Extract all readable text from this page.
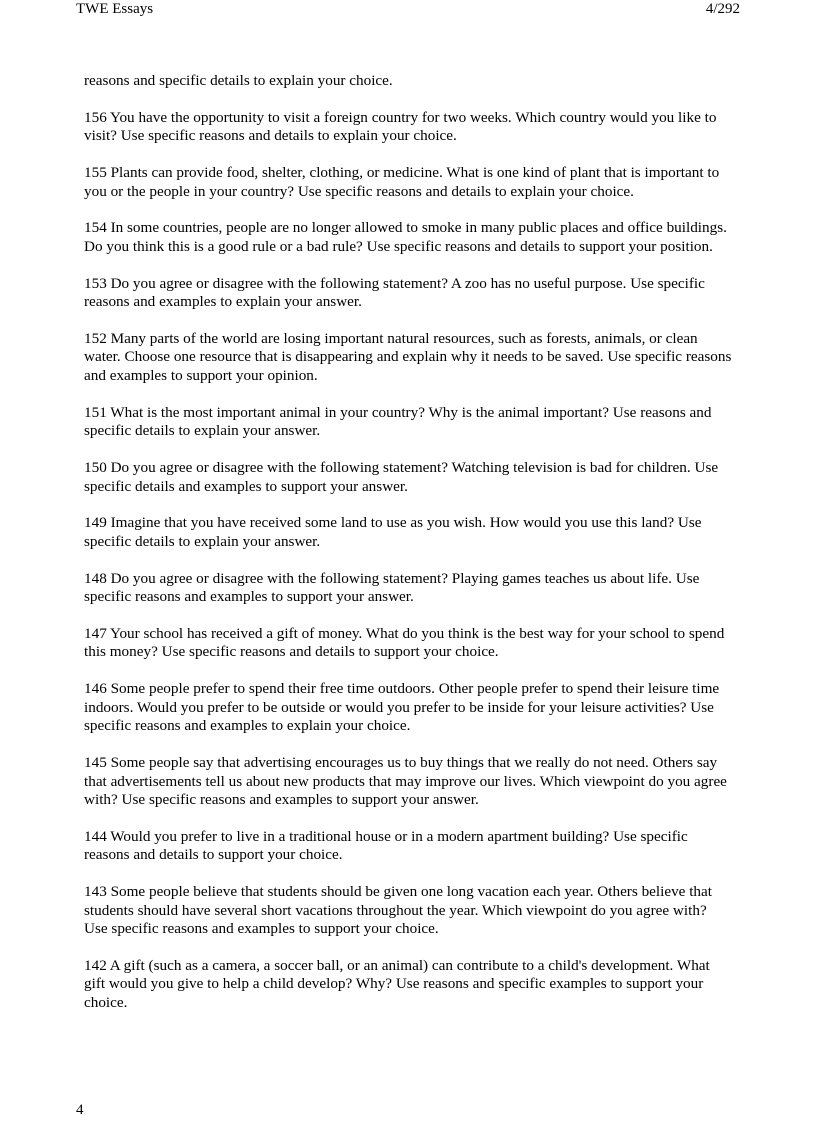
TWE Essays	4/292

reasons and specific details to explain your choice.

156 You have the opportunity to visit a foreign country for two weeks. Which country would you like to visit? Use specific reasons and details to explain your choice.

155 Plants can provide food, shelter, clothing, or medicine. What is one kind of plant that is important to you or the people in your country? Use specific reasons and details to explain your choice.

154 In some countries, people are no longer allowed to smoke in many public places and office buildings. Do you think this is a good rule or a bad rule? Use specific reasons and details to support your position.

153 Do you agree or disagree with the following statement? A zoo has no useful purpose. Use specific reasons and examples to explain your answer.

152 Many parts of the world are losing important natural resources, such as forests, animals, or clean water. Choose one resource that is disappearing and explain why it needs to be saved. Use specific reasons and examples to support your opinion.

151 What is the most important animal in your country? Why is the animal important? Use reasons and specific details to explain your answer.

150 Do you agree or disagree with the following statement? Watching television is bad for children. Use specific details and examples to support your answer.

149 Imagine that you have received some land to use as you wish. How would you use this land? Use specific details to explain your answer.

148 Do you agree or disagree with the following statement? Playing games teaches us about life. Use specific reasons and examples to support your answer.

147 Your school has received a gift of money. What do you think is the best way for your school to spend this money? Use specific reasons and details to support your choice.

146 Some people prefer to spend their free time outdoors. Other people prefer to spend their leisure time indoors. Would you prefer to be outside or would you prefer to be inside for your leisure activities? Use specific reasons and examples to explain your choice.

145 Some people say that advertising encourages us to buy things that we really do not need. Others say that advertisements tell us about new products that may improve our lives. Which viewpoint do you agree with? Use specific reasons and examples to support your answer.

144 Would you prefer to live in a traditional house or in a modern apartment building? Use specific reasons and details to support your choice.

143 Some people believe that students should be given one long vacation each year. Others believe that students should have several short vacations throughout the year. Which viewpoint do you agree with? Use specific reasons and examples to support your choice.

142 A gift (such as a camera, a soccer ball, or an animal) can contribute to a child's development. What gift would you give to help a child develop? Why? Use reasons and specific examples to support your choice.

4
